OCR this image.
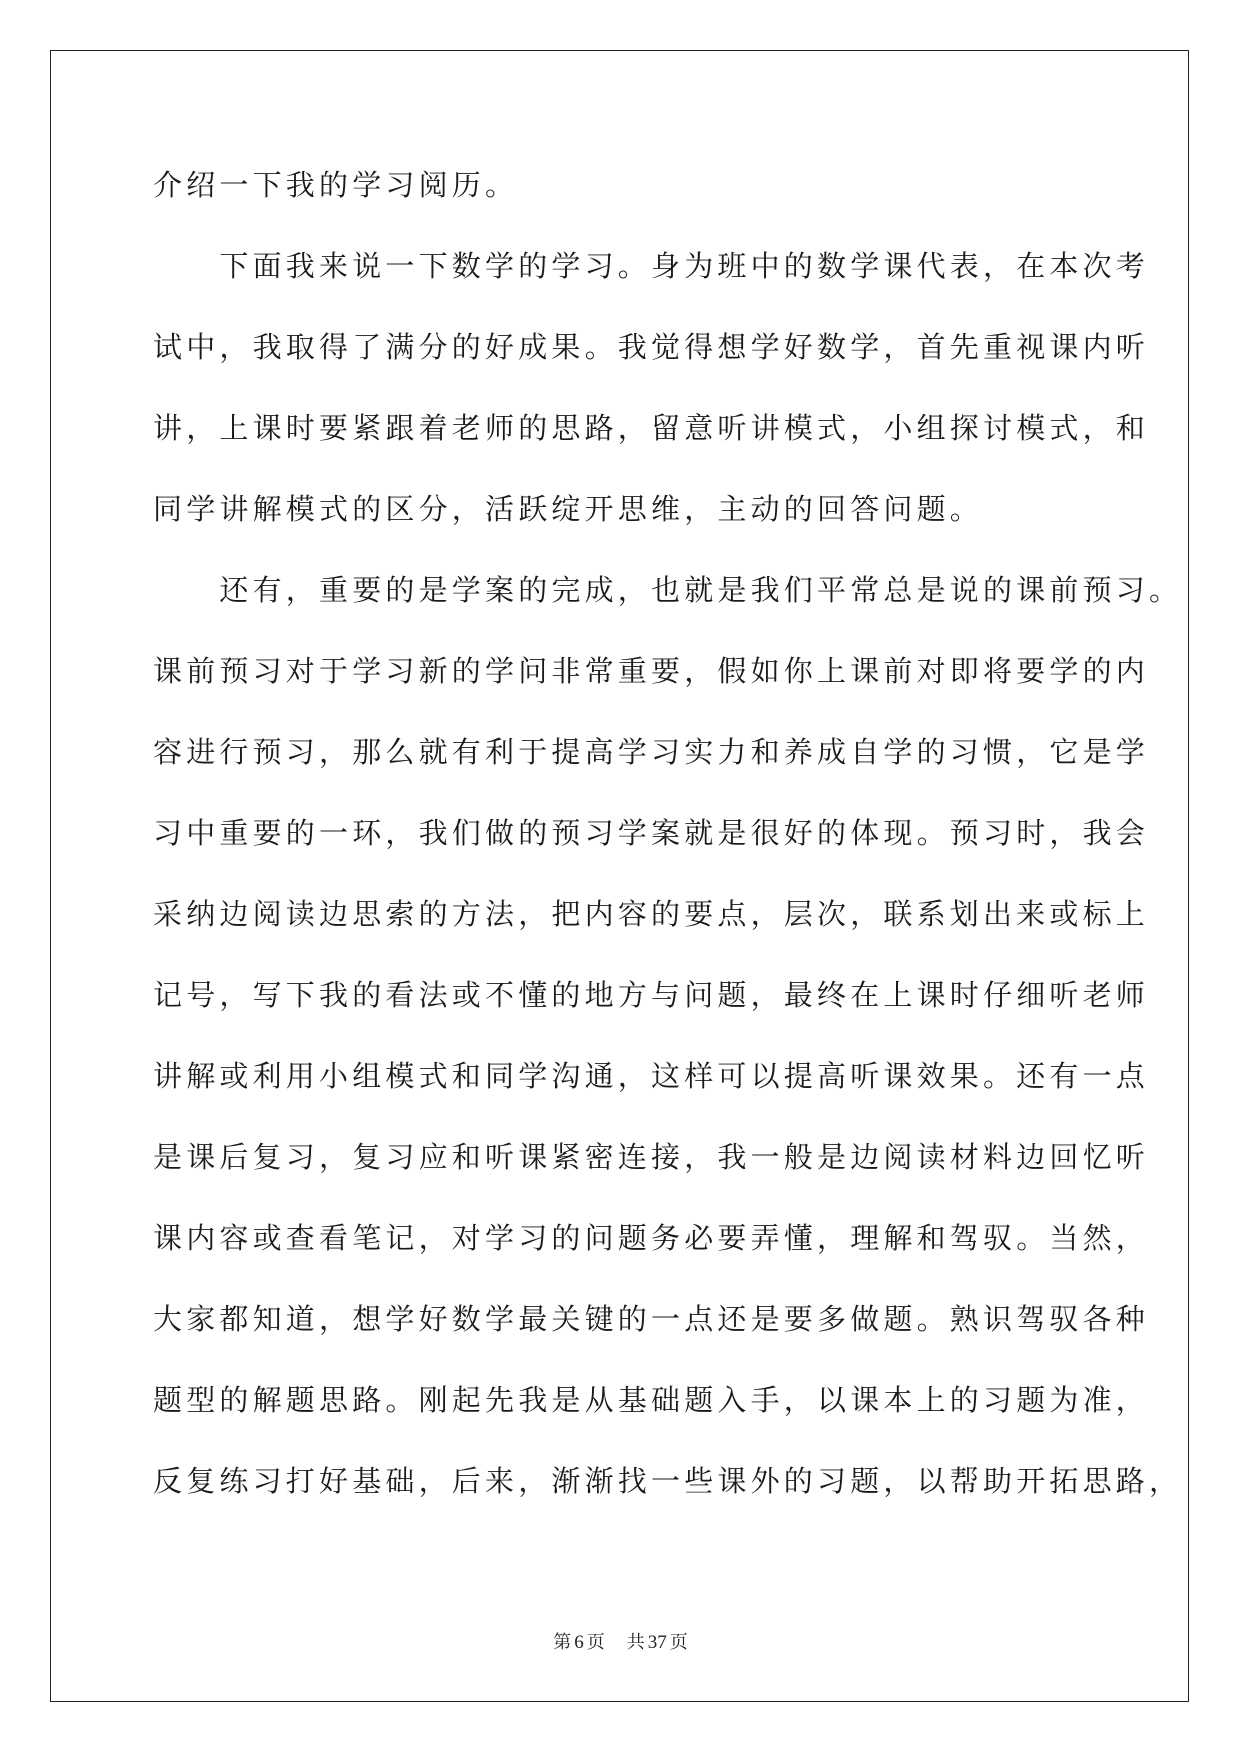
介绍一下我的学习阅历。
　　下面我来说一下数学的学习。身为班中的数学课代表，在本次考
试中，我取得了满分的好成果。我觉得想学好数学，首先重视课内听
讲，上课时要紧跟着老师的思路，留意听讲模式，小组探讨模式，和
同学讲解模式的区分，活跃绽开思维，主动的回答问题。
　　还有，重要的是学案的完成，也就是我们平常总是说的课前预习。
课前预习对于学习新的学问非常重要，假如你上课前对即将要学的内
容进行预习，那么就有利于提高学习实力和养成自学的习惯，它是学
习中重要的一环，我们做的预习学案就是很好的体现。预习时，我会
采纳边阅读边思索的方法，把内容的要点，层次，联系划出来或标上
记号，写下我的看法或不懂的地方与问题，最终在上课时仔细听老师
讲解或利用小组模式和同学沟通，这样可以提高听课效果。还有一点
是课后复习，复习应和听课紧密连接，我一般是边阅读材料边回忆听
课内容或查看笔记，对学习的问题务必要弄懂，理解和驾驭。当然，
大家都知道，想学好数学最关键的一点还是要多做题。熟识驾驭各种
题型的解题思路。刚起先我是从基础题入手，以课本上的习题为准，
反复练习打好基础，后来，渐渐找一些课外的习题，以帮助开拓思路，
第 6 页 共 37 页
